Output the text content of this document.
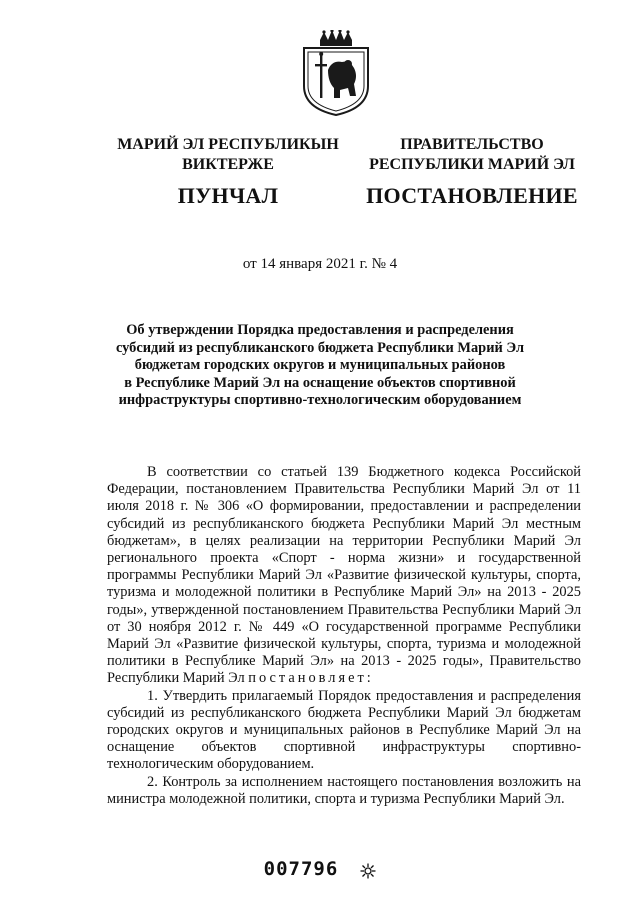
МАРИЙ ЭЛ РЕСПУБЛИКЫН
ВИКТЕРЖЕ
ПУНЧАЛ
ПРАВИТЕЛЬСТВО
РЕСПУБЛИКИ МАРИЙ ЭЛ
ПОСТАНОВЛЕНИЕ
от 14 января 2021 г. № 4
Об утверждении Порядка предоставления и распределения
субсидий из республиканского бюджета Республики Марий Эл
бюджетам городских округов и муниципальных районов
в Республике Марий Эл на оснащение объектов спортивной
инфраструктуры спортивно-технологическим оборудованием

В соответствии со статьей 139 Бюджетного кодекса Российской Федерации, постановлением Правительства Республики Марий Эл от 11 июля 2018 г. № 306 «О формировании, предоставлении и распределении субсидий из республиканского бюджета Республики Марий Эл местным бюджетам», в целях реализации на территории Республики Марий Эл регионального проекта «Спорт - норма жизни» и государственной программы Республики Марий Эл «Развитие физической культуры, спорта, туризма и молодежной политики в Республике Марий Эл» на 2013 - 2025 годы», утвержденной постановлением Правительства Республики Марий Эл от 30 ноября 2012 г. № 449 «О государственной программе Республики Марий Эл «Развитие физической культуры, спорта, туризма и молодежной политики в Республике Марий Эл» на 2013 - 2025 годы», Правительство Республики Марий Эл постановляет:

1. Утвердить прилагаемый Порядок предоставления и распределения субсидий из республиканского бюджета Республики Марий Эл бюджетам городских округов и муниципальных районов в Республике Марий Эл на оснащение объектов спортивной инфраструктуры спортивно-технологическим оборудованием.

2. Контроль за исполнением настоящего постановления возложить на министра молодежной политики, спорта и туризма Республики Марий Эл.

007796
